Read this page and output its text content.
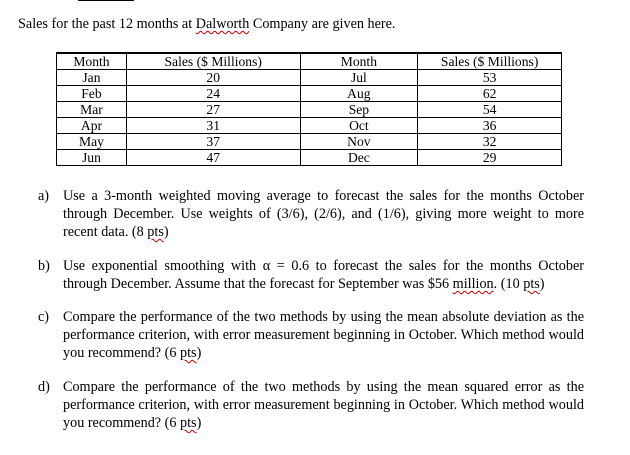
Sales for the past 12 months at Dalworth Company are given here.
Month	Sales ($ Millions)	Month	Sales ($ Millions)
Jan	20	Jul	53
Feb	24	Aug	62
Mar	27	Sep	54
Apr	31	Oct	36
May	37	Nov	32
Jun	47	Dec	29
a) Use a 3-month weighted moving average to forecast the sales for the months October through December. Use weights of (3/6), (2/6), and (1/6), giving more weight to more recent data. (8 pts)
b) Use exponential smoothing with α = 0.6 to forecast the sales for the months October through December. Assume that the forecast for September was $56 million. (10 pts)
c) Compare the performance of the two methods by using the mean absolute deviation as the performance criterion, with error measurement beginning in October. Which method would you recommend? (6 pts)
d) Compare the performance of the two methods by using the mean squared error as the performance criterion, with error measurement beginning in October. Which method would you recommend? (6 pts)
